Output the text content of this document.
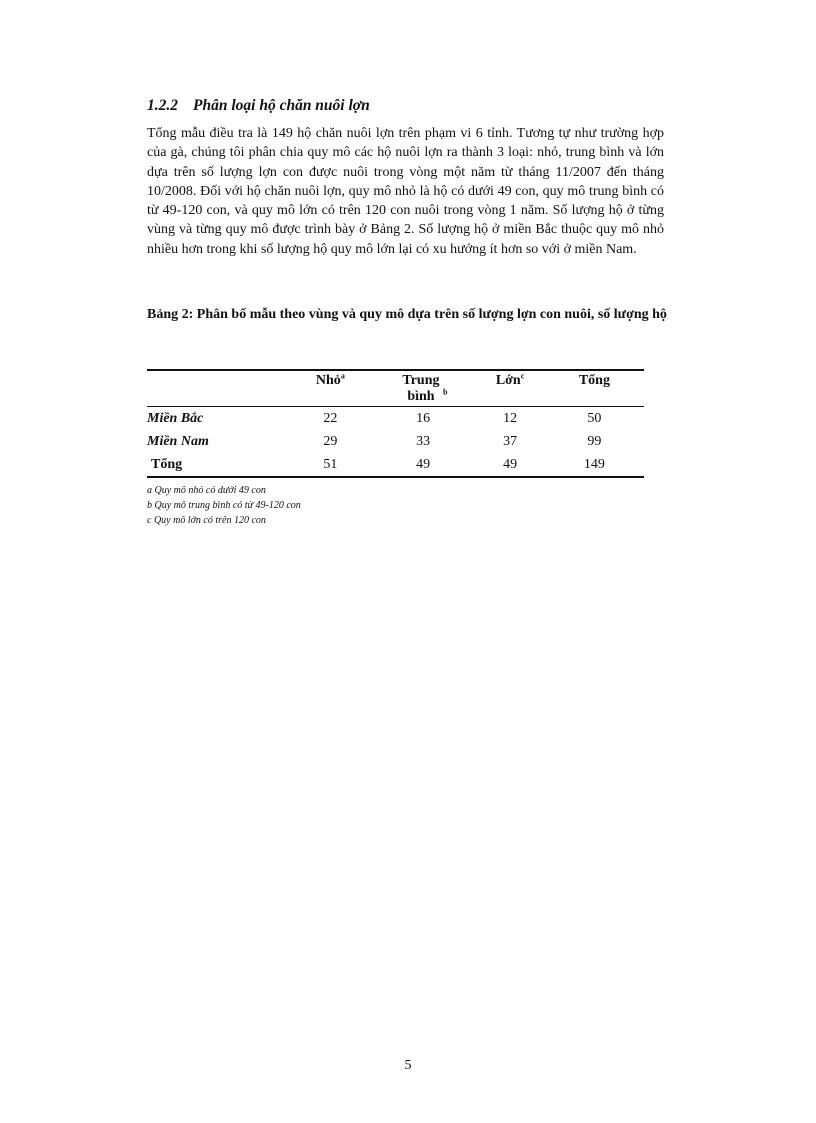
1.2.2 Phân loại hộ chăn nuôi lợn

Tổng mẫu điều tra là 149 hộ chăn nuôi lợn trên phạm vi 6 tỉnh. Tương tự như trường hợp của gà, chúng tôi phân chia quy mô các hộ nuôi lợn ra thành 3 loại: nhỏ, trung bình và lớn dựa trên số lượng lợn con được nuôi trong vòng một năm từ tháng 11/2007 đến tháng 10/2008. Đối với hộ chăn nuôi lợn, quy mô nhỏ là hộ có dưới 49 con, quy mô trung bình có từ 49-120 con, và quy mô lớn có trên 120 con nuôi trong vòng 1 năm. Số lượng hộ ở từng vùng và từng quy mô được trình bày ở Bảng 2. Số lượng hộ ở miền Bắc thuộc quy mô nhỏ nhiều hơn trong khi số lượng hộ quy mô lớn lại có xu hướng ít hơn so với ở miền Nam.

Bảng 2: Phân bố mẫu theo vùng và quy mô dựa trên số lượng lợn con nuôi, số lượng hộ
	Nhỏ$^a$	Trung bình $^b$	Lớn$^c$	Tổng
Miền Bắc	22	16	12	50
Miền Nam	29	33	37	99
Tổng	51	49	49	149
a Quy mô nhỏ có dưới 49 con
b Quy mô trung bình có từ 49-120 con
c Quy mô lớn có trên 120 con
5
